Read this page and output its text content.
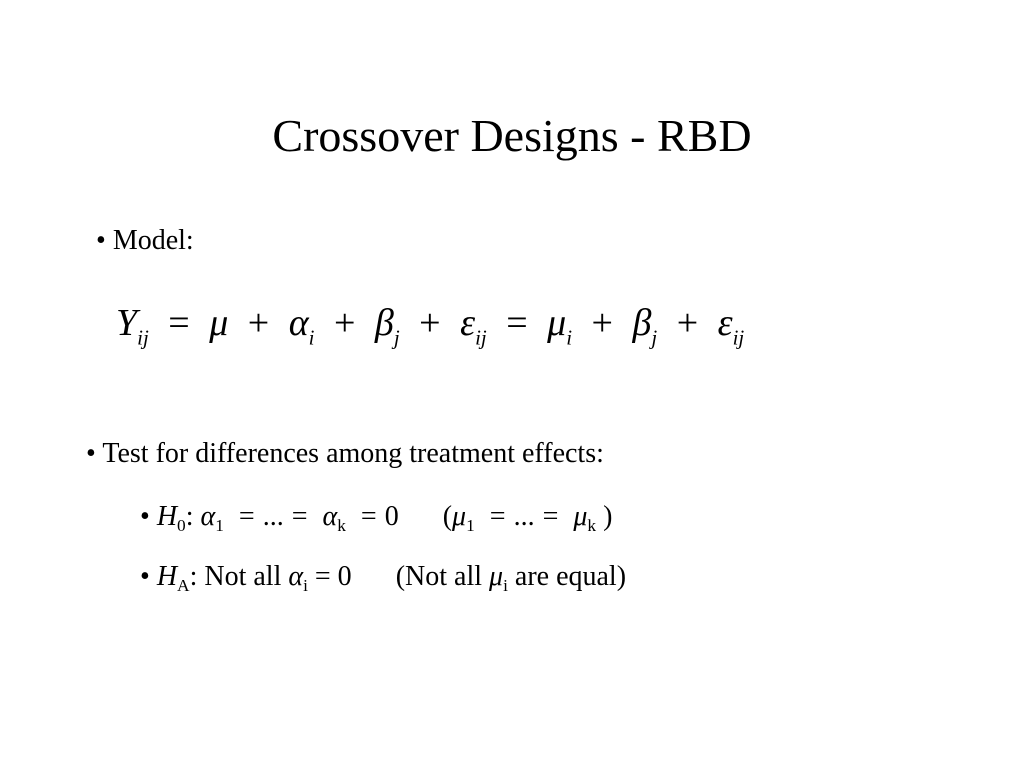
Crossover Designs - RBD
• Model:
$Y_{ij} = \mu + \alpha_i + \beta_j + \varepsilon_{ij} = \mu_i + \beta_j + \varepsilon_{ij}$
• Test for differences among treatment effects:
• $H_0$: $\alpha_1$ = ... = $\alpha_k = 0$ ($\mu_1$ = ... = $\mu_k$ )
• $H_A$: Not all $\alpha_i = 0$ (Not all $\mu_i$ are equal)
